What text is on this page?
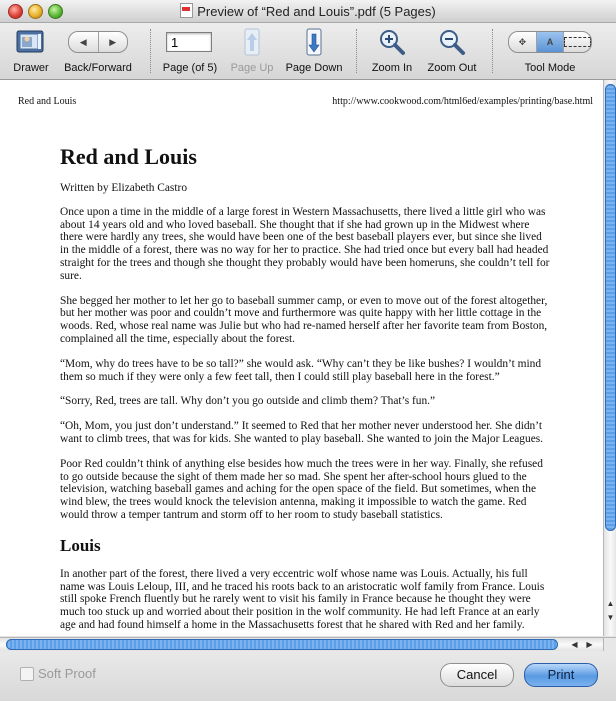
Preview of “Red and Louis”.pdf (5 Pages)
Drawer
◀	▶
Back/Forward
1	Page (of 5)	Page Up	Page Down	Zoom In	Zoom Out
✥	A
Tool Mode
Red and Louis	http://www.cookwood.com/html6ed/examples/printing/base.html
Red and Louis

Written by Elizabeth Castro

Once upon a time in the middle of a large forest in Western Massachusetts, there lived a little girl who was about 14 years old and who loved baseball. She thought that if she had grown up in the Midwest where there were hardly any trees, she would have been one of the best baseball players ever, but since she lived in the middle of a forest, there was no way for her to practice. She had tried once but every ball had headed straight for the trees and though she thought they probably would have been homeruns, she couldn’t tell for sure.

She begged her mother to let her go to baseball summer camp, or even to move out of the forest altogether, but her mother was poor and couldn’t move and furthermore was quite happy with her little cottage in the woods. Red, whose real name was Julie but who had re-named herself after her favorite team from Boston, complained all the time, especially about the forest.

“Mom, why do trees have to be so tall?” she would ask. “Why can’t they be like bushes? I wouldn’t mind them so much if they were only a few feet tall, then I could still play baseball here in the forest.”

“Sorry, Red, trees are tall. Why don’t you go outside and climb them? That’s fun.”

“Oh, Mom, you just don’t understand.” It seemed to Red that her mother never understood her. She didn’t want to climb trees, that was for kids. She wanted to play baseball. She wanted to join the Major Leagues.

Poor Red couldn’t think of anything else besides how much the trees were in her way. Finally, she refused to go outside because the sight of them made her so mad. She spent her after-school hours glued to the television, watching baseball games and aching for the open space of the field. But sometimes, when the wind blew, the trees would knock the television antenna, making it impossible to watch the game. Red would throw a temper tantrum and storm off to her room to study baseball statistics.

Louis

In another part of the forest, there lived a very eccentric wolf whose name was Louis. Actually, his full name was Louis Leloup, III, and he traced his roots back to an aristocratic wolf family from France. Louis still spoke French fluently but he rarely went to visit his family in France because he thought they were much too stuck up and worried about their position in the wolf community. He had left France at an early age and had found himself a home in the Massachusetts forest that he shared with Red and her family.

▲
▼
◀	▶
Soft Proof	Cancel	Print
